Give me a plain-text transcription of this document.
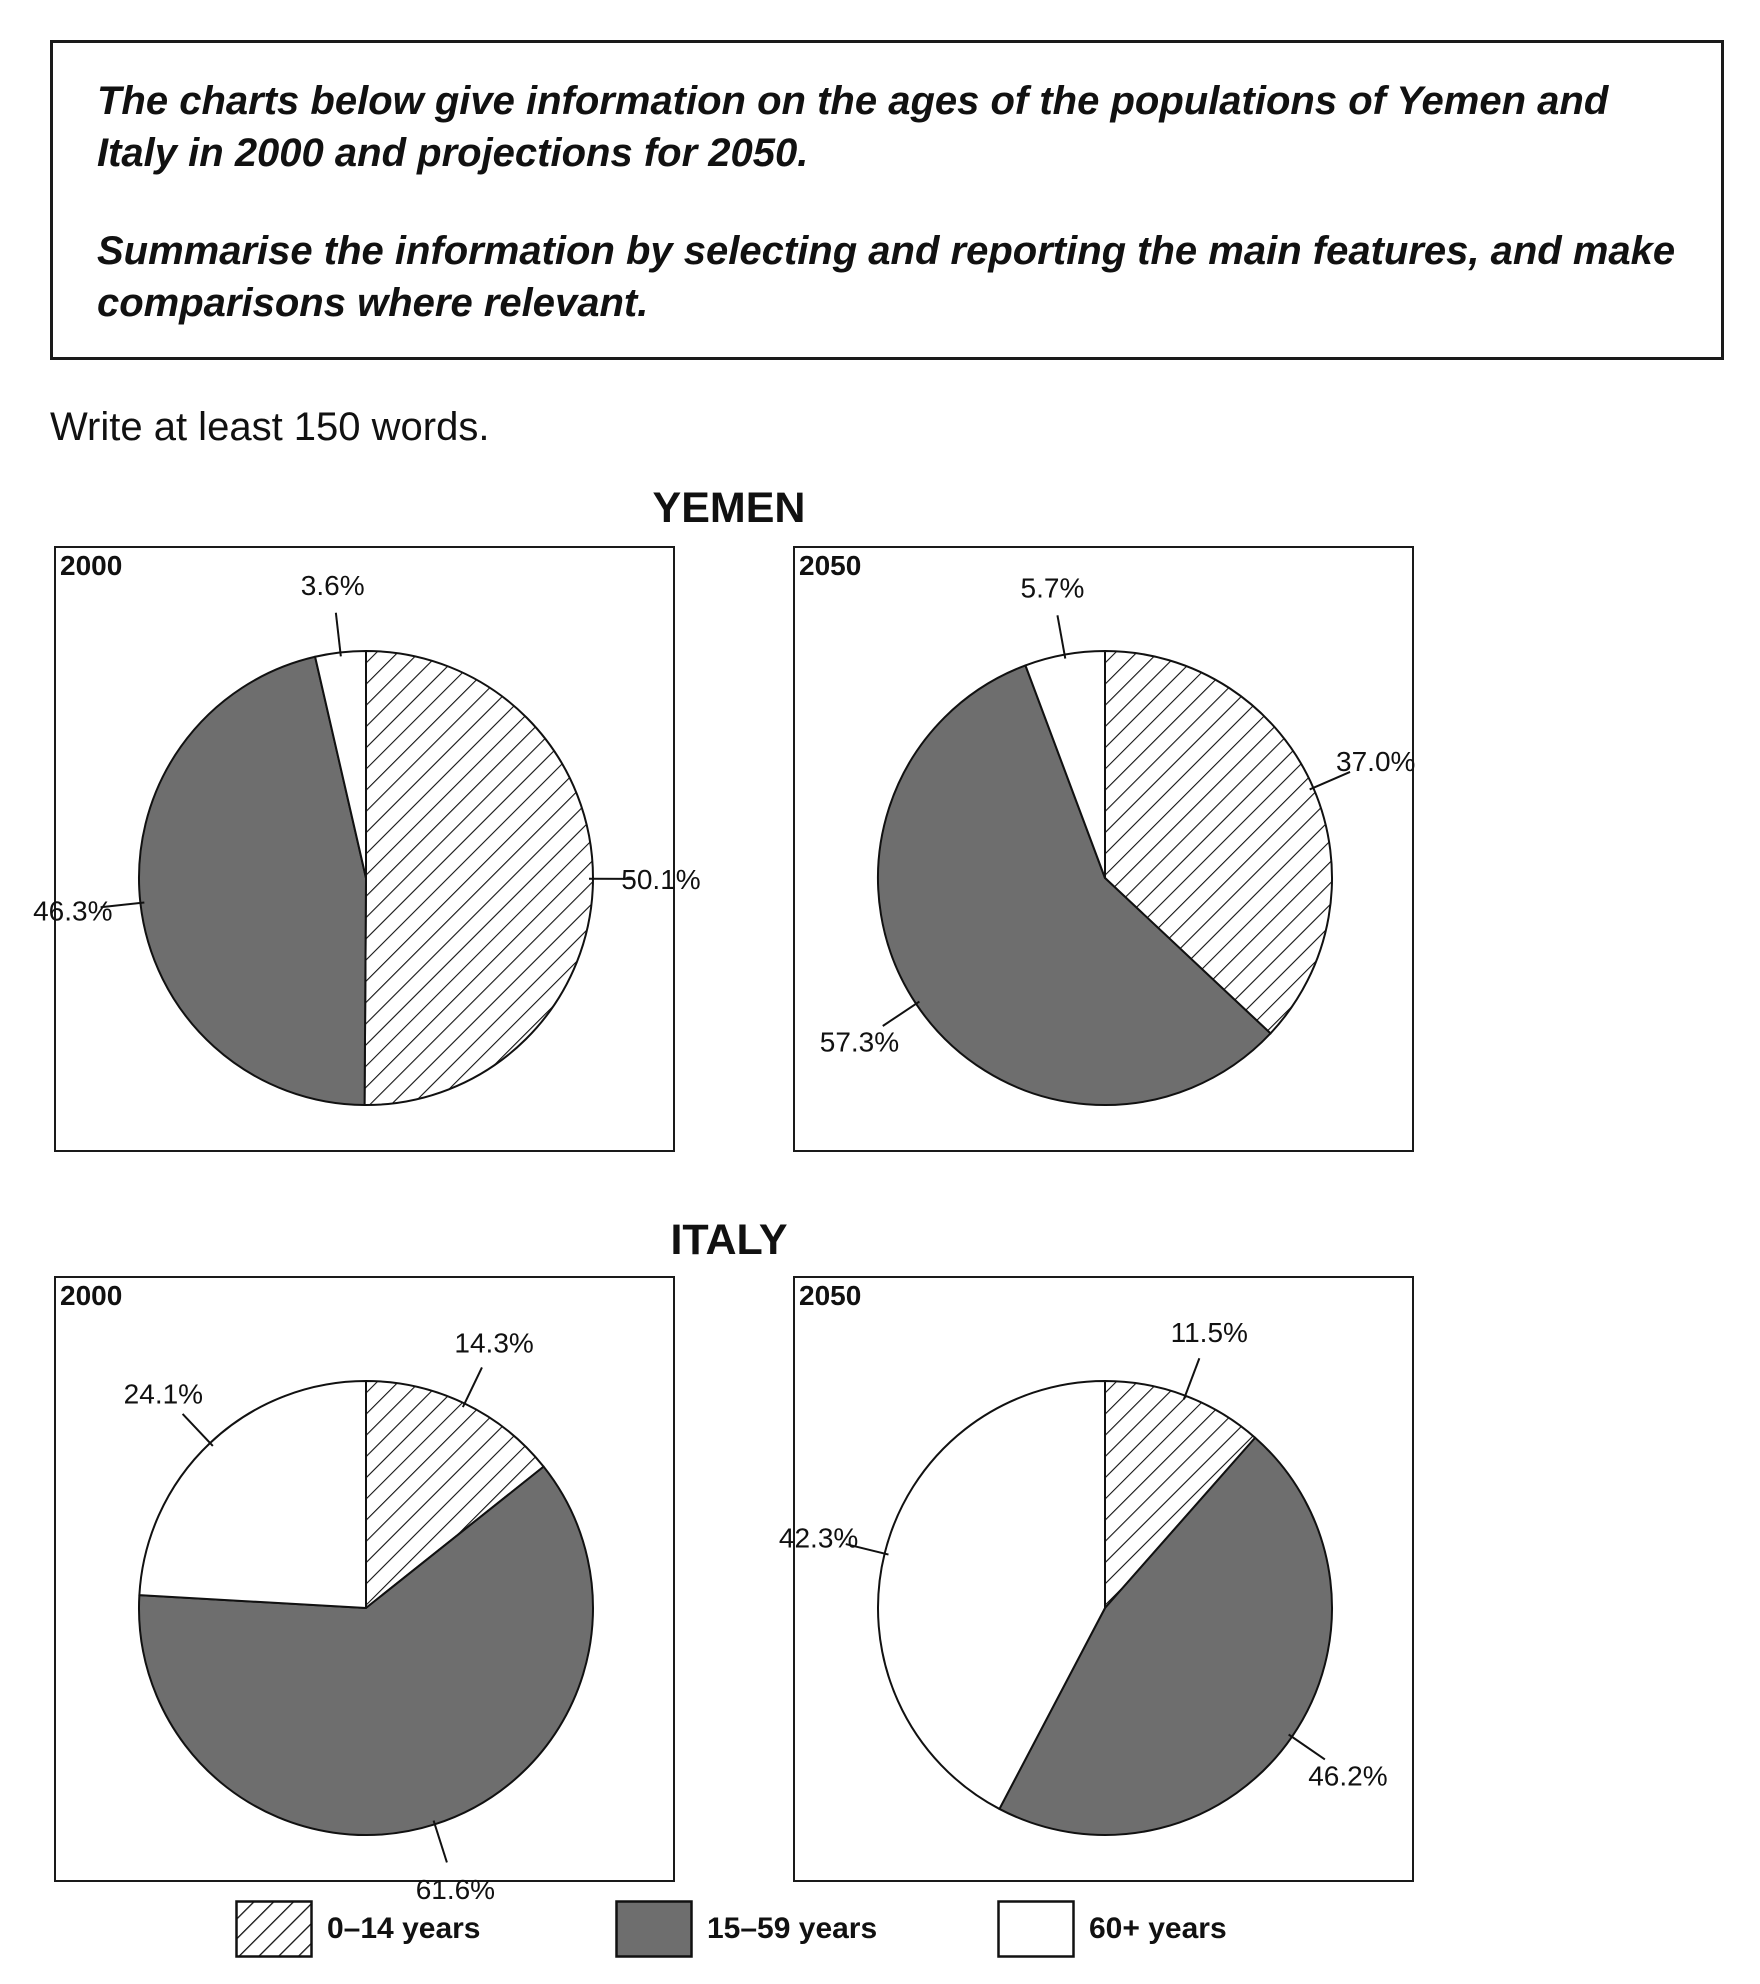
The charts below give information on the ages of the populations of Yemen and Italy in 2000 and projections for 2050.

Summarise the information by selecting and reporting the main features, and make comparisons where relevant.

Write at least 150 words.
YEMEN
ITALY
50.1%
46.3%
3.6%
2000
37.0%
57.3%
5.7%
2050
14.3%
61.6%
24.1%
2000
11.5%
46.2%
42.3%
2050
0–14 years	15–59 years	60+ years
